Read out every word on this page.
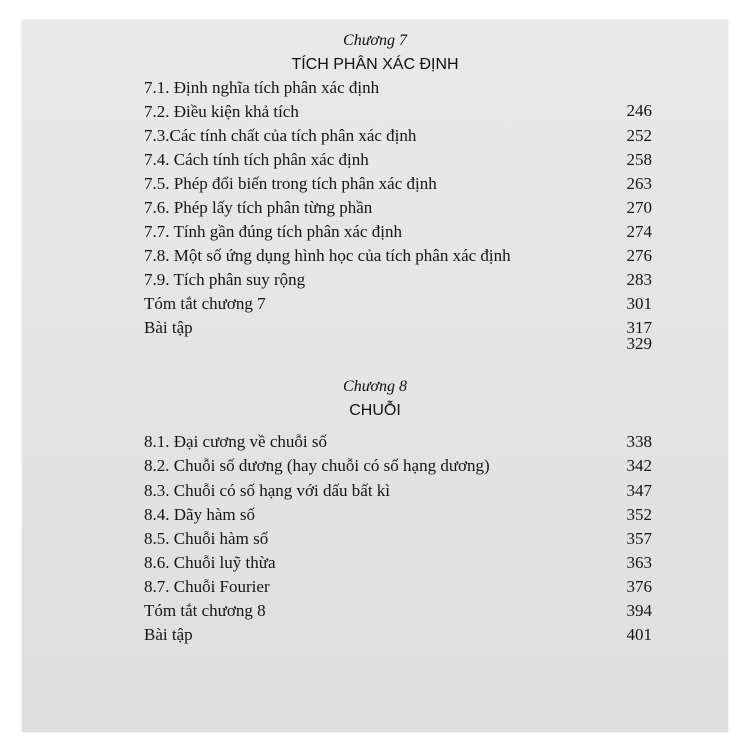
Chương 7
TÍCH PHÂN XÁC ĐỊNH
7.1. Định nghĩa tích phân xác định
7.2. Điều kiện khả tích	246
7.3.Các tính chất của tích phân xác định	252
7.4. Cách tính tích phân xác định	258
7.5. Phép đổi biến trong tích phân xác định	263
7.6. Phép lấy tích phân từng phần	270
7.7. Tính gần đúng tích phân xác định	274
7.8. Một số ứng dụng hình học của tích phân xác định	276
7.9. Tích phân suy rộng	283
Tóm tắt chương 7	301
Bài tập	317
329
Chương 8
CHUỖI
8.1. Đại cương về chuỗi số	338
8.2. Chuỗi số dương (hay chuỗi có số hạng dương)	342
8.3. Chuỗi có số hạng với dấu bất kì	347
8.4. Dãy hàm số	352
8.5. Chuỗi hàm số	357
8.6. Chuỗi luỹ thừa	363
8.7. Chuỗi Fourier	376
Tóm tắt chương 8	394
Bài tập	401
